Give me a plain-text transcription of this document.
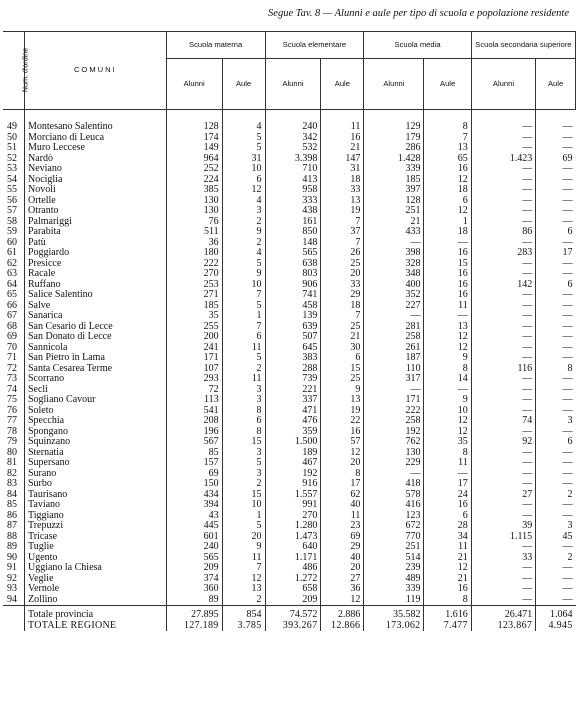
Segue Tav. 8 — Alunni e aule per tipo di scuola e popolazione residente
Num. d'ordine	COMUNI	Scuola materna		Scuola elementare		Scuola media		Scuola secondaria superiore	
		Alunni	Aule	Alunni	Aule	Alunni	Aule	Alunni	Aule
49	Montesano Salentino	128	4	240	11	129	8	—	—
50	Morciano di Leuca	174	5	342	16	179	7	—	—
51	Muro Leccese	149	5	532	21	286	13	—	—
52	Nardò	964	31	3.398	147	1.428	65	1.423	69
53	Neviano	252	10	710	31	339	16	—	—
54	Nociglia	224	6	413	18	185	12	—	—
55	Novoli	385	12	958	33	397	18	—	—
56	Ortelle	130	4	333	13	128	6	—	—
57	Otranto	130	3	438	19	251	12	—	—
58	Palmariggi	76	2	161	7	21	1	—	—
59	Parabita	511	9	850	37	433	18	86	6
60	Patù	36	2	148	7	—	—	—	—
61	Poggiardo	180	4	565	26	398	16	283	17
62	Presicce	222	5	638	25	328	15	—	—
63	Racale	270	9	803	20	348	16	—	—
64	Ruffano	253	10	906	33	400	16	142	6
65	Salice Salentino	271	7	741	29	352	16	—	—
66	Salve	185	5	458	18	227	11	—	—
67	Sanarica	35	1	139	7	—	—	—	—
68	San Cesario di Lecce	255	7	639	25	281	13	—	—
69	San Donato di Lecce	200	6	507	21	258	12	—	—
70	Sannicola	241	11	645	30	261	12	—	—
71	San Pietro in Lama	171	5	383	6	187	9	—	—
72	Santa Cesarea Terme	107	2	288	15	110	8	116	8
73	Scorrano	293	11	739	25	317	14	—	—
74	Secli	72	3	221	9	—	—	—	—
75	Sogliano Cavour	113	3	337	13	171	9	—	—
76	Soleto	541	8	471	19	222	10	—	—
77	Specchia	208	6	476	22	258	12	74	3
78	Spongano	196	8	359	16	192	12	—	—
79	Squinzano	567	15	1.500	57	762	35	92	6
80	Sternatia	85	3	189	12	130	8	—	—
81	Supersano	157	5	467	20	229	11	—	—
82	Surano	69	3	192	8	—	—	—	—
83	Surbo	150	2	916	17	418	17	—	—
84	Taurisano	434	15	1.557	62	578	24	27	2
85	Taviano	394	10	991	40	416	16	—	—
86	Tiggiano	43	1	270	11	123	6	—	—
87	Trepuzzi	445	5	1.280	23	672	28	39	3
88	Tricase	601	20	1.473	69	770	34	1.115	45
89	Tuglie	240	9	640	29	251	11	—	—
90	Ugento	565	11	1.171	40	514	21	33	2
91	Uggiano la Chiesa	209	7	486	20	239	12	—	—
92	Veglie	374	12	1.272	27	489	21	—	—
93	Vernole	360	13	658	36	339	16	—	—
94	Zollino	89	2	209	12	119	8	—	—
	Totale provincia	27.895	854	74.572	2.886	35.582	1.616	26.471	1.064
	TOTALE REGIONE	127.189	3.785	393.267	12.866	173.062	7.477	123.867	4.945
